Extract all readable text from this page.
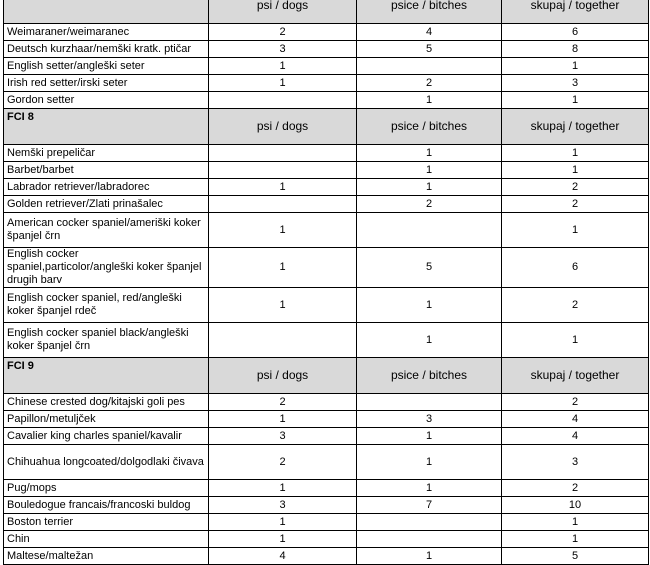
	psi / dogs	psice / bitches	skupaj / together
Weimaraner/weimaranec	2	4	6
Deutsch kurzhaar/nemški kratk. ptičar	3	5	8
English setter/angleški seter	1		1
Irish red setter/irski seter	1	2	3
Gordon setter		1	1
FCI 8	psi / dogs	psice / bitches	skupaj / together
Nemški prepeličar		1	1
Barbet/barbet		1	1
Labrador retriever/labradorec	1	1	2
Golden retriever/Zlati prinašalec		2	2
American cocker spaniel/ameriški koker španjel črn	1		1
English cocker spaniel,particolor/angleški koker španjel drugih barv	1	5	6
English cocker spaniel, red/angleški koker španjel rdeč	1	1	2
English cocker spaniel black/angleški koker španjel črn		1	1
FCI 9	psi / dogs	psice / bitches	skupaj / together
Chinese crested dog/kitajski goli pes	2		2
Papillon/metuljček	1	3	4
Cavalier king charles spaniel/kavalir	3	1	4
Chihuahua longcoated/dolgodlaki čivava	2	1	3
Pug/mops	1	1	2
Bouledogue francais/francoski buldog	3	7	10
Boston terrier	1		1
Chin	1		1
Maltese/maltežan	4	1	5
